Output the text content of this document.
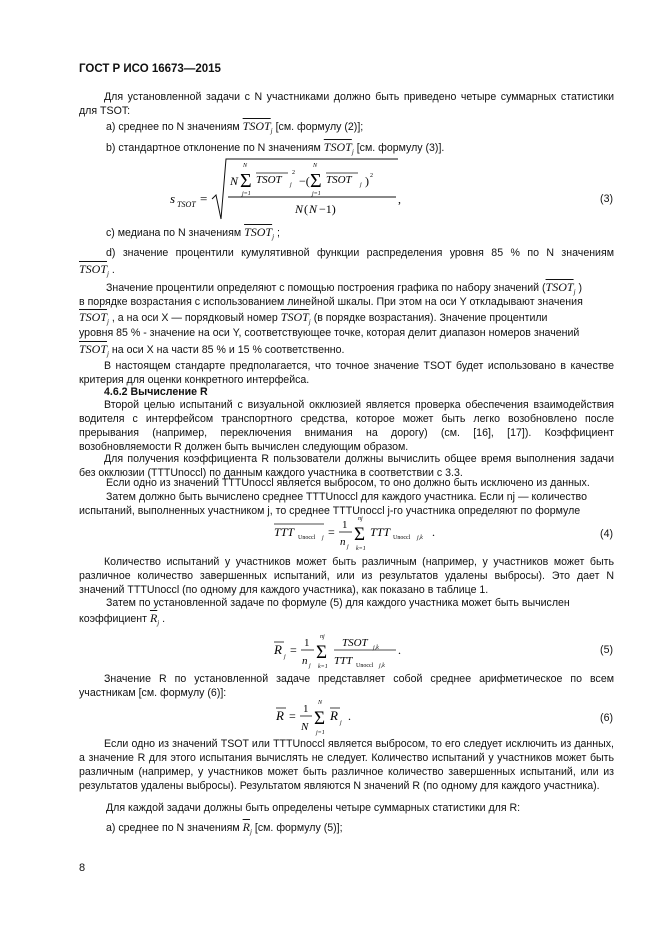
ГОСТ Р ИСО 16673—2015
Для установленной задачи с N участниками должно быть приведено четыре суммарных статистики для TSOT:
а) среднее по N значениям $TSOT_j$ [см. формулу (2)];
b) стандартное отклонение по N значениям $TSOT_j$ [см. формулу (3)].
s TSOT =
N Σ
N
j=1
TSOT j
2
−( Σ
N
j=1
TSOT j ) 2
N ( N −1)
,	(3)
с) медиана по N значениям $TSOT_j$ ;
d) значение процентили кумулятивной функции распределения уровня 85 % по N значениям
$TSOT_j$ .
Значение процентили определяют с помощью построения графика по набору значений ($TSOT_j$ )
в порядке возрастания с использованием линейной шкалы. При этом на оси Y откладывают значения
$TSOT_j$ , а на оси X — порядковый номер $TSOT_j$ (в порядке возрастания). Значение процентили
уровня 85 % - значение на оси Y, соответствующее точке, которая делит диапазон номеров значений
$TSOT_j$ на оси X на части 85 % и 15 % соответственно.
В настоящем стандарте предполагается, что точное значение TSOT будет использовано в качестве критерия для оценки конкретного интерфейса.
4.6.2 Вычисление R
Второй целью испытаний с визуальной окклюзией является проверка обеспечения взаимодействия водителя с интерфейсом транспортного средства, которое может быть легко возобновлено после прерывания (например, переключения внимания на дорогу) (см. [16], [17]). Коэффициент возобновляемости R должен быть вычислен следующим образом.
Для получения коэффициента R пользователи должны вычислить общее время выполнения задачи без окклюзии (TTTUnoccl) по данным каждого участника в соответствии с 3.3.
Если одно из значений TTTUnoccl является выбросом, то оно должно быть исключено из данных.
Затем должно быть вычислено среднее TTTUnoccl для каждого участника. Если nj — количество
испытаний, выполненных участником j, то среднее TTTUnoccl j-го участника определяют по формуле
TTT Unoccl j = 1
n j
Σ
nj
k=1
TTT Unoccl j,k .	(4)
Количество испытаний у участников может быть различным (например, у участников может быть различное количество завершенных испытаний, или из результатов удалены выбросы). Это дает N значений TTTUnoccl (по одному для каждого участника), как показано в таблице 1.
Затем по установленной задаче по формуле (5) для каждого участника может быть вычислен
коэффициент $\overline{R}_j$ .
R j = 1
n j
Σ
nj
k=1
TSOT j,k
TTT Unoccl j,k
.	(5)
Значение R по установленной задаче представляет собой среднее арифметическое по всем участникам [см. формулу (6)]:
R = 1
N Σ
N
j=1
R j .	(6)
Если одно из значений TSOT или TTTUnoccl является выбросом, то его следует исключить из данных, а значение R для этого испытания вычислять не следует. Количество испытаний у участников может быть различным (например, у участников может быть различное количество завершенных испытаний, или из результатов удалены выбросы). Результатом являются N значений R (по одному для каждого участника).
Для каждой задачи должны быть определены четыре суммарных статистики для R:
а) среднее по N значениям $\overline{R}_j$ [см. формулу (5)];
8
